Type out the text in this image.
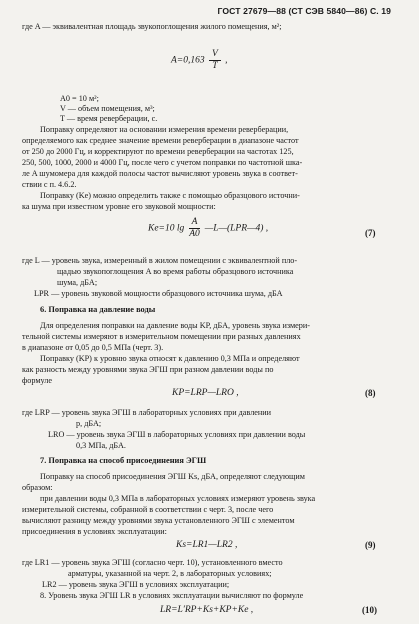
ГОСТ 27679—88 (СТ СЭВ 5840—86) С. 19
где A — эквивалентная площадь звукопоглощения жилого помещения, м²;
$A=0,163 \frac{V}{T}$ ,
A0 = 10 м²;
V — объем помещения, м³;
T — время реверберации, с.
Поправку определяют на основании измерения времени реверберации,
определяемого как среднее значение времени реверберации в диапазоне частот
от 250 до 2000 Гц, и корректируют по времени реверберации на частотах 125,
250, 500, 1000, 2000 и 4000 Гц, после чего с учетом поправки по частотной шка-
ле A шумомера для каждой полосы частот вычисляют уровень звука в соответ-
ствии с п. 4.6.2.
Поправку (Ke) можно определить также с помощью образцового источни-
ка шума при известном уровне его звуковой мощности:
Ke=10 $\lg \frac{A}{A0}$ —L—(LPR—4) ,	(7)
где L — уровень звука, измеренный в жилом помещении с эквивалентной пло-
щадью звукопоглощения A во время работы образцового источника
шума, дБА;
LPR — уровень звуковой мощности образцового источника шума, дБА
6. Поправка на давление воды
Для определения поправки на давление воды KP, дБА, уровень звука измери-
тельной системы измеряют в измерительном помещении при разных давлениях
в диапазоне от 0,05 до 0,5 МПа (черт. 3).
Поправку (KP) к уровню звука относят к давлению 0,3 МПа и определяют
как разность между уровнями звука ЭГШ при разном давлении воды по
формуле
KP=LRP—LRO ,	(8)
где LRP — уровень звука ЭГШ в лабораторных условиях при давлении
p, дБА;
LRO — уровень звука ЭГШ в лабораторных условиях при давлении воды
0,3 МПа, дБА.
7. Поправка на способ присоединения ЭГШ
Поправку на способ присоединения ЭГШ Ks, дБА, определяют следующим
образом:
при давлении воды 0,3 МПа в лабораторных условиях измеряют уровень звука
измерительной системы, собранной в соответствии с черт. 3, после чего
вычисляют разницу между уровнями звука установленного ЭГШ с элементом
присоединения в условиях эксплуатации:
Ks=LR1—LR2 ,	(9)
где LR1 — уровень звука ЭГШ (согласно черт. 10), установленного вместо
арматуры, указанной на черт. 2, в лабораторных условиях;
LR2 — уровень звука ЭГШ в условиях эксплуатации;
8. Уровень звука ЭГШ LR в условиях эксплуатации вычисляют по формуле
LR=L′RP+Ks+KP+Ke ,	(10)
